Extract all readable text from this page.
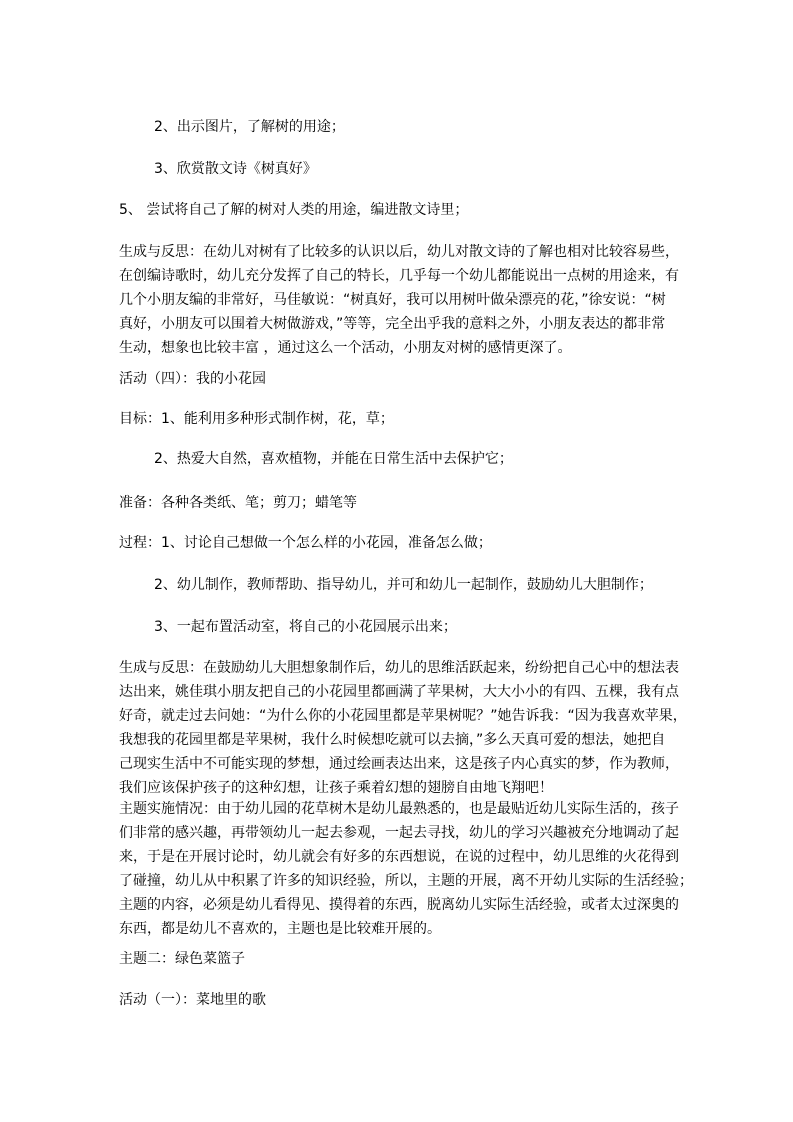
2、出示图片，了解树的用途；

3、欣赏散文诗《树真好》

5、 尝试将自己了解的树对人类的用途，编进散文诗里；

生成与反思：在幼儿对树有了比较多的认识以后，幼儿对散文诗的了解也相对比较容易些，
在创编诗歌时，幼儿充分发挥了自己的特长，几乎每一个幼儿都能说出一点树的用途来，有
几个小朋友编的非常好，马佳敏说：“树真好，我可以用树叶做朵漂亮的花，”徐安说：“树
真好，小朋友可以围着大树做游戏，”等等，完全出乎我的意料之外，小朋友表达的都非常
生动，想象也比较丰富 ，通过这么一个活动，小朋友对树的感情更深了。

活动（四）：我的小花园

目标：1、能利用多种形式制作树，花，草；

2、热爱大自然，喜欢植物，并能在日常生活中去保护它；

准备：各种各类纸、笔；剪刀；蜡笔等

过程：1、讨论自己想做一个怎么样的小花园，准备怎么做；

2、幼儿制作，教师帮助、指导幼儿，并可和幼儿一起制作，鼓励幼儿大胆制作；

3、一起布置活动室，将自己的小花园展示出来；

生成与反思：在鼓励幼儿大胆想象制作后，幼儿的思维活跃起来，纷纷把自己心中的想法表
达出来，姚佳琪小朋友把自己的小花园里都画满了苹果树，大大小小的有四、五棵，我有点
好奇，就走过去问她：“为什么你的小花园里都是苹果树呢？”她告诉我：“因为我喜欢苹果，
我想我的花园里都是苹果树，我什么时候想吃就可以去摘，”多么天真可爱的想法，她把自
己现实生活中不可能实现的梦想，通过绘画表达出来，这是孩子内心真实的梦，作为教师，
我们应该保护孩子的这种幻想，让孩子乘着幻想的翅膀自由地飞翔吧！
主题实施情况：由于幼儿园的花草树木是幼儿最熟悉的，也是最贴近幼儿实际生活的，孩子
们非常的感兴趣，再带领幼儿一起去参观，一起去寻找，幼儿的学习兴趣被充分地调动了起
来，于是在开展讨论时，幼儿就会有好多的东西想说，在说的过程中，幼儿思维的火花得到
了碰撞，幼儿从中积累了许多的知识经验，所以，主题的开展，离不开幼儿实际的生活经验；
主题的内容，必须是幼儿看得见、摸得着的东西，脱离幼儿实际生活经验，或者太过深奥的
东西，都是幼儿不喜欢的，主题也是比较难开展的。

主题二：绿色菜篮子

活动（一）：菜地里的歌
